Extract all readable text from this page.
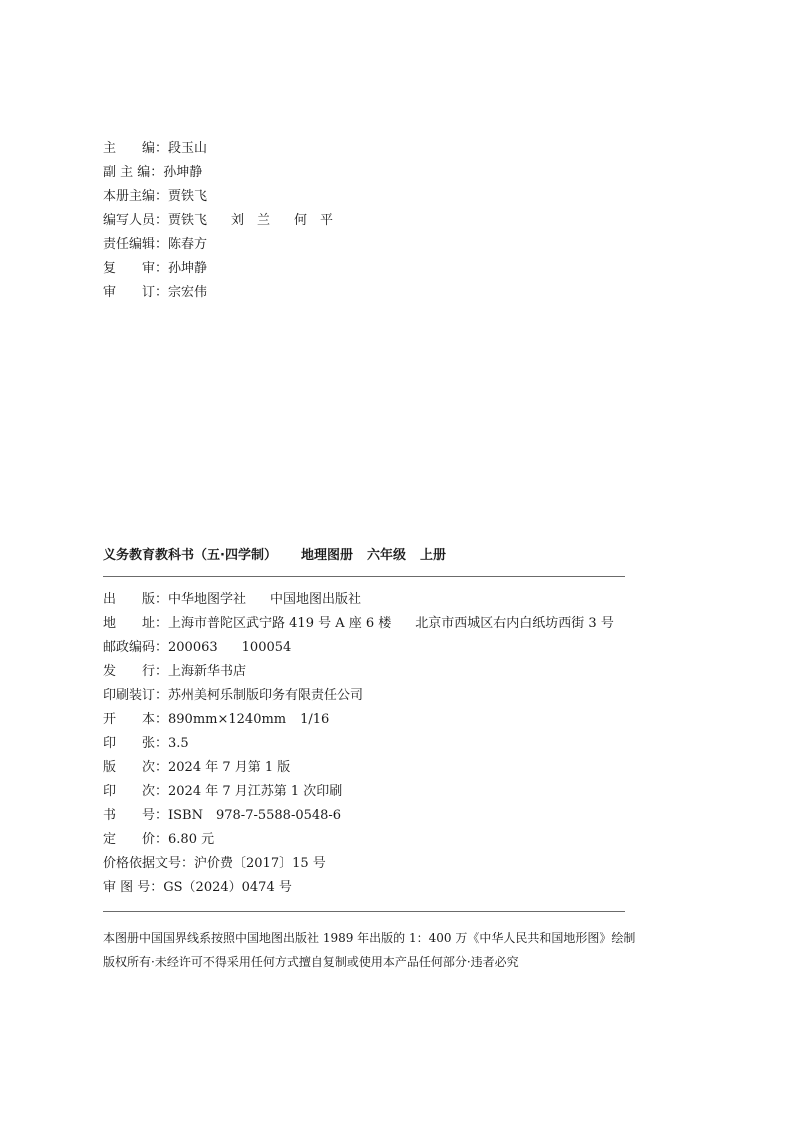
主　　编：段玉山
副 主 编：孙坤静
本册主编：贾铁飞
编写人员：贾铁飞 刘　兰 何　平
责任编辑：陈春方
复　　审：孙坤静
审　　订：宗宏伟
义务教育教科书（五·四学制） 地理图册 六年级 上册
出　　版：中华地图学社 中国地图出版社
地　　址：上海市普陀区武宁路 419 号 A 座 6 楼 北京市西城区右内白纸坊西街 3 号
邮政编码：200063 100054
发　　行：上海新华书店
印刷装订：苏州美柯乐制版印务有限责任公司
开　　本：890mm×1240mm 1/16
印　　张：3.5
版　　次：2024 年 7 月第 1 版
印　　次：2024 年 7 月江苏第 1 次印刷
书　　号：ISBN　978-7-5588-0548-6
定　　价：6.80 元
价格依据文号：沪价费〔2017〕15 号
审 图 号：GS（2024）0474 号
本图册中国国界线系按照中国地图出版社 1989 年出版的 1：400 万《中华人民共和国地形图》绘制
版权所有·未经许可不得采用任何方式擅自复制或使用本产品任何部分·违者必究
